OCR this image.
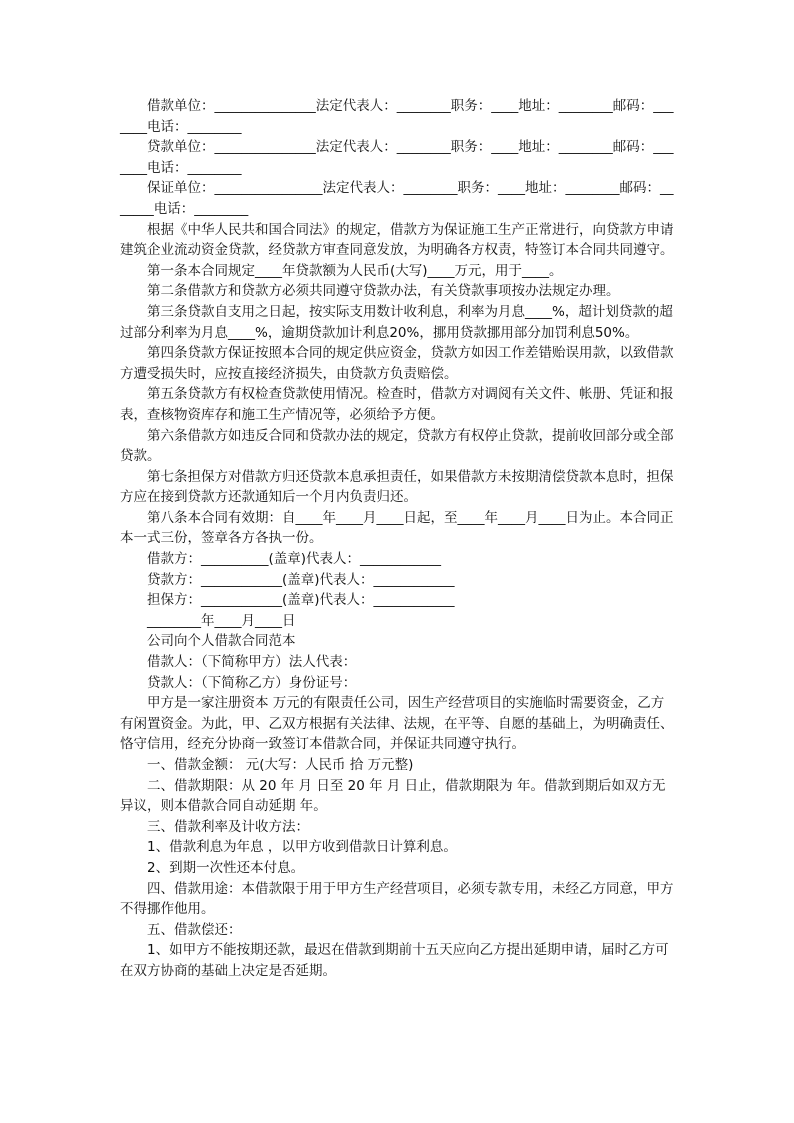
借款单位：_______________法定代表人：________职务：____地址：________邮码：_______电话：________

贷款单位：_______________法定代表人：________职务：____地址：________邮码：_______电话：________

保证单位：________________法定代表人：________职务：____地址：________邮码：_______电话：________

根据《中华人民共和国合同法》的规定，借款方为保证施工生产正常进行，向贷款方申请建筑企业流动资金贷款，经贷款方审查同意发放，为明确各方权责，特签订本合同共同遵守。

第一条本合同规定____年贷款额为人民币(大写)____万元，用于____。

第二条借款方和贷款方必须共同遵守贷款办法，有关贷款事项按办法规定办理。

第三条贷款自支用之日起，按实际支用数计收利息，利率为月息____%，超计划贷款的超过部分利率为月息____%，逾期贷款加计利息20%，挪用贷款挪用部分加罚利息50%。

第四条贷款方保证按照本合同的规定供应资金，贷款方如因工作差错贻误用款，以致借款方遭受损失时，应按直接经济损失，由贷款方负责赔偿。

第五条贷款方有权检查贷款使用情况。检查时，借款方对调阅有关文件、帐册、凭证和报表，查核物资库存和施工生产情况等，必须给予方便。

第六条借款方如违反合同和贷款办法的规定，贷款方有权停止贷款，提前收回部分或全部贷款。

第七条担保方对借款方归还贷款本息承担责任，如果借款方未按期清偿贷款本息时，担保方应在接到贷款方还款通知后一个月内负责归还。

第八条本合同有效期：自____年____月____日起，至____年____月____日为止。本合同正本一式三份，签章各方各执一份。

借款方：__________(盖章)代表人：____________

贷款方：____________(盖章)代表人：____________

担保方：____________(盖章)代表人：____________

________年____月____日

公司向个人借款合同范本

借款人：（下简称甲方）法人代表：

贷款人：（下简称乙方）身份证号：

甲方是一家注册资本 万元的有限责任公司，因生产经营项目的实施临时需要资金，乙方有闲置资金。为此，甲、乙双方根据有关法律、法规，在平等、自愿的基础上，为明确责任、恪守信用，经充分协商一致签订本借款合同，并保证共同遵守执行。

一、借款金额： 元(大写：人民币 拾 万元整)

二、借款期限：从 20 年 月 日至 20 年 月 日止，借款期限为 年。借款到期后如双方无异议，则本借款合同自动延期 年。

三、借款利率及计收方法：

1、借款利息为年息 ，以甲方收到借款日计算利息。

2、到期一次性还本付息。

四、借款用途：本借款限于用于甲方生产经营项目，必须专款专用，未经乙方同意，甲方不得挪作他用。

五、借款偿还：

1、如甲方不能按期还款，最迟在借款到期前十五天应向乙方提出延期申请，届时乙方可在双方协商的基础上决定是否延期。
